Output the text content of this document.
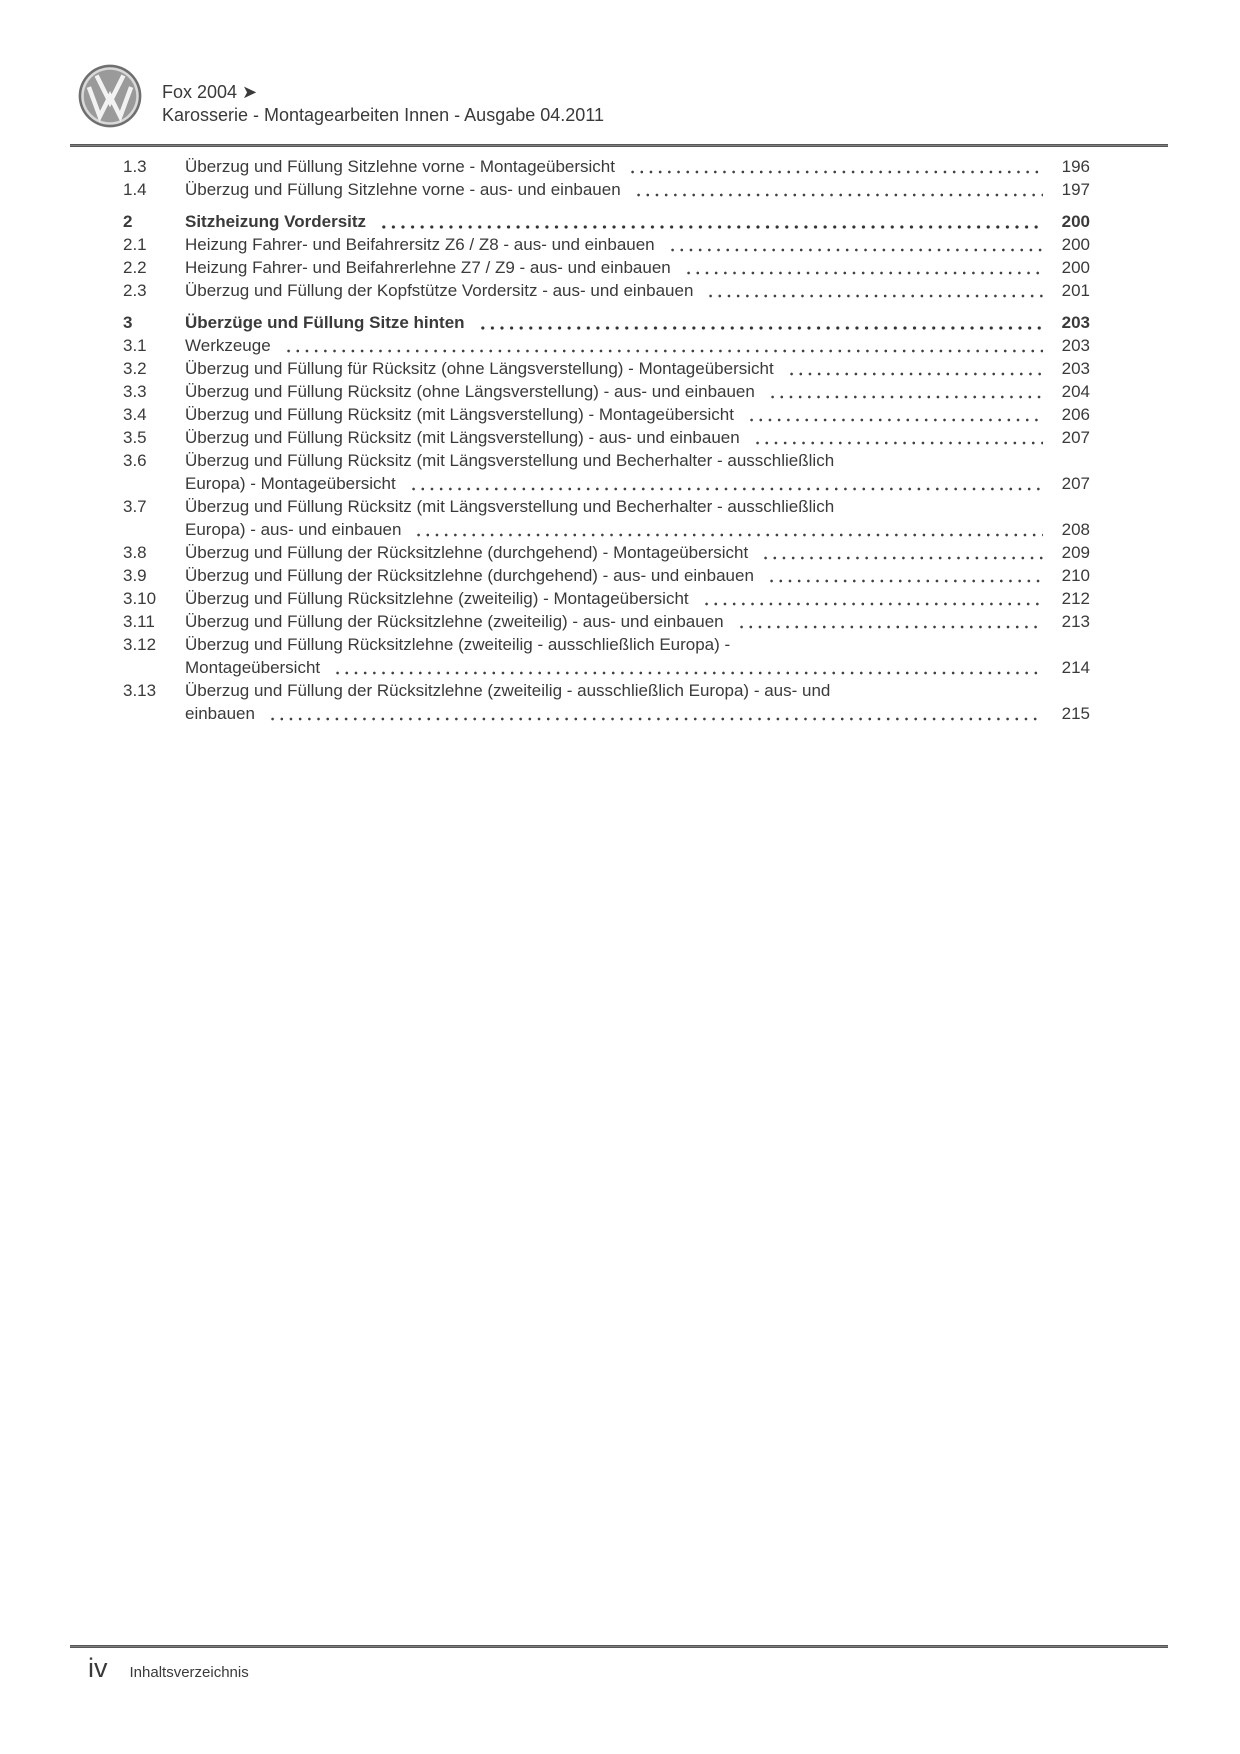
Fox 2004 ➤
Karosserie - Montagearbeiten Innen - Ausgabe 04.2011
1.3	Überzug und Füllung Sitzlehne vorne - Montageübersicht	196
1.4	Überzug und Füllung Sitzlehne vorne - aus- und einbauen	197
2	Sitzheizung Vordersitz	200
2.1	Heizung Fahrer- und Beifahrersitz Z6 / Z8 - aus- und einbauen	200
2.2	Heizung Fahrer- und Beifahrerlehne Z7 / Z9 - aus- und einbauen	200
2.3	Überzug und Füllung der Kopfstütze Vordersitz - aus- und einbauen	201
3	Überzüge und Füllung Sitze hinten	203
3.1	Werkzeuge	203
3.2	Überzug und Füllung für Rücksitz (ohne Längsverstellung) - Montageübersicht	203
3.3	Überzug und Füllung Rücksitz (ohne Längsverstellung) - aus- und einbauen	204
3.4	Überzug und Füllung Rücksitz (mit Längsverstellung) - Montageübersicht	206
3.5	Überzug und Füllung Rücksitz (mit Längsverstellung) - aus- und einbauen	207
3.6	Überzug und Füllung Rücksitz (mit Längsverstellung und Becherhalter - ausschließlich
Europa) - Montageübersicht	207
3.7	Überzug und Füllung Rücksitz (mit Längsverstellung und Becherhalter - ausschließlich
Europa) - aus- und einbauen	208
3.8	Überzug und Füllung der Rücksitzlehne (durchgehend) - Montageübersicht	209
3.9	Überzug und Füllung der Rücksitzlehne (durchgehend) - aus- und einbauen	210
3.10	Überzug und Füllung Rücksitzlehne (zweiteilig) - Montageübersicht	212
3.11	Überzug und Füllung der Rücksitzlehne (zweiteilig) - aus- und einbauen	213
3.12	Überzug und Füllung Rücksitzlehne (zweiteilig - ausschließlich Europa) -
Montageübersicht	214
3.13	Überzug und Füllung der Rücksitzlehne (zweiteilig - ausschließlich Europa) - aus- und
einbauen	215
iv Inhaltsverzeichnis
